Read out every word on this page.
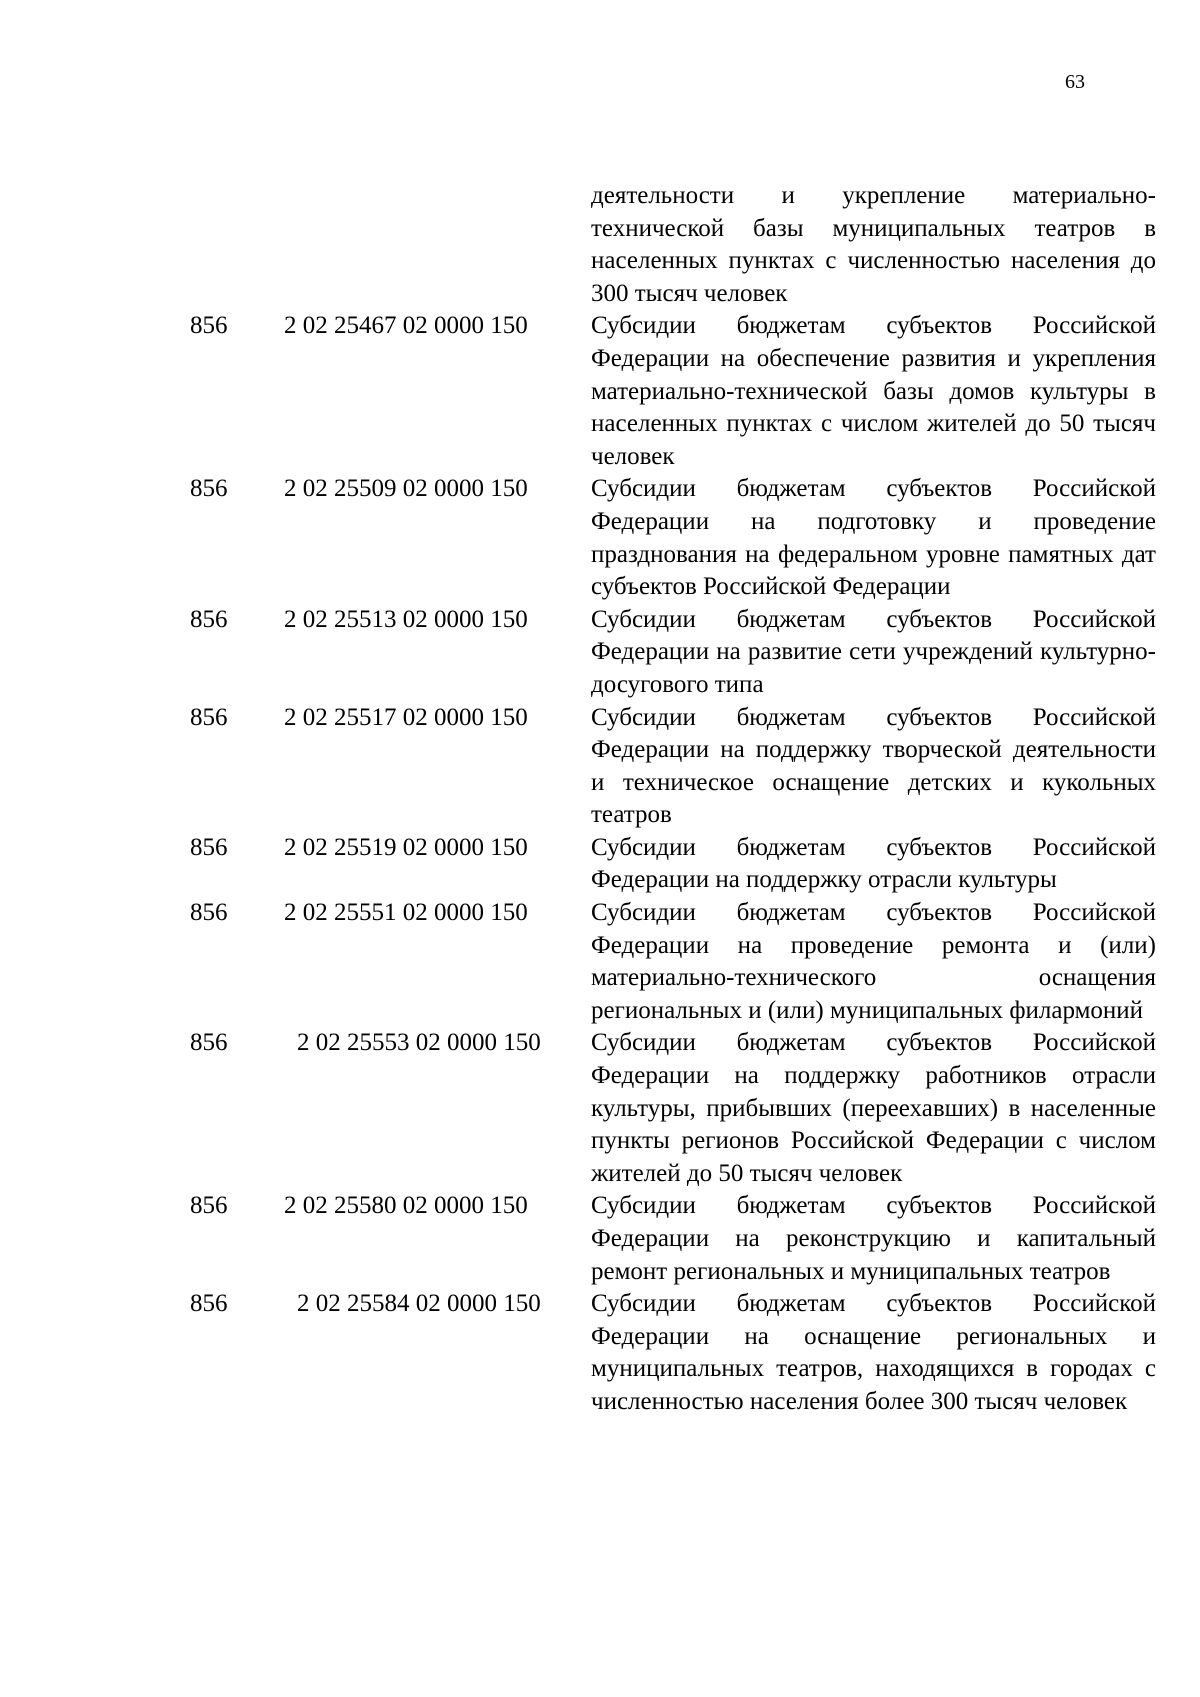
63
деятельности и укрепление материально-технической базы муниципальных театров в населенных пунктах с численностью населения до 300 тысяч человек
856 2 02 25467 02 0000 150	Субсидии бюджетам субъектов Российской Федерации на обеспечение развития и укрепления материально-технической базы домов культуры в населенных пунктах с числом жителей до 50 тысяч человек
856 2 02 25509 02 0000 150	Субсидии бюджетам субъектов Российской Федерации на подготовку и проведение празднования на федеральном уровне памятных дат субъектов Российской Федерации
856 2 02 25513 02 0000 150	Субсидии бюджетам субъектов Российской Федерации на развитие сети учреждений культурно-досугового типа
856 2 02 25517 02 0000 150	Субсидии бюджетам субъектов Российской Федерации на поддержку творческой деятельности и техническое оснащение детских и кукольных театров
856 2 02 25519 02 0000 150	Субсидии бюджетам субъектов Российской Федерации на поддержку отрасли культуры
856 2 02 25551 02 0000 150	Субсидии бюджетам субъектов Российской Федерации на проведение ремонта и (или) материально-технического оснащения региональных и (или) муниципальных филармоний
856	2 02 25553 02 0000 150 Субсидии бюджетам субъектов Российской Федерации на поддержку работников отрасли культуры, прибывших (переехавших) в населенные пункты регионов Российской Федерации с числом жителей до 50 тысяч человек
856 2 02 25580 02 0000 150	Субсидии бюджетам субъектов Российской Федерации на реконструкцию и капитальный ремонт региональных и муниципальных театров
856	2 02 25584 02 0000 150 Субсидии бюджетам субъектов Российской Федерации на оснащение региональных и муниципальных театров, находящихся в городах с численностью населения более 300 тысяч человек
